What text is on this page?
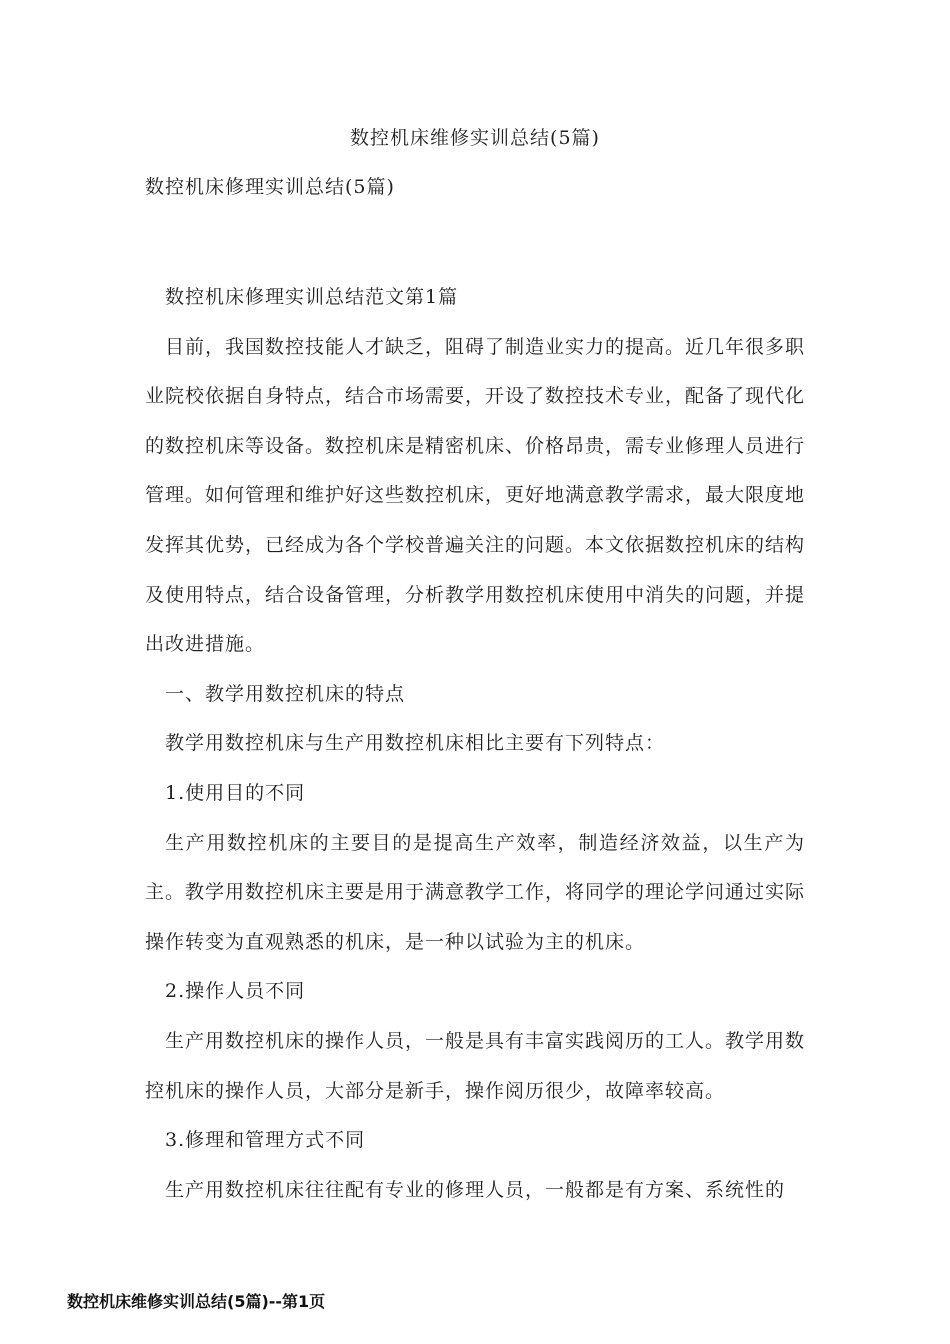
数控机床维修实训总结(5篇)
数控机床修理实训总结(5篇)

数控机床修理实训总结范文第1篇

目前，我国数控技能人才缺乏，阻碍了制造业实力的提高。近几年很多职业院校依据自身特点，结合市场需要，开设了数控技术专业，配备了现代化的数控机床等设备。数控机床是精密机床、价格昂贵，需专业修理人员进行管理。如何管理和维护好这些数控机床，更好地满意教学需求，最大限度地发挥其优势，已经成为各个学校普遍关注的问题。本文依据数控机床的结构及使用特点，结合设备管理，分析教学用数控机床使用中消失的问题，并提出改进措施。

一、教学用数控机床的特点

教学用数控机床与生产用数控机床相比主要有下列特点：

1.使用目的不同

生产用数控机床的主要目的是提高生产效率，制造经济效益，以生产为主。教学用数控机床主要是用于满意教学工作，将同学的理论学问通过实际操作转变为直观熟悉的机床，是一种以试验为主的机床。

2.操作人员不同

生产用数控机床的操作人员，一般是具有丰富实践阅历的工人。教学用数控机床的操作人员，大部分是新手，操作阅历很少，故障率较高。

3.修理和管理方式不同

生产用数控机床往往配有专业的修理人员，一般都是有方案、系统性的

数控机床维修实训总结(5篇)--第1页
